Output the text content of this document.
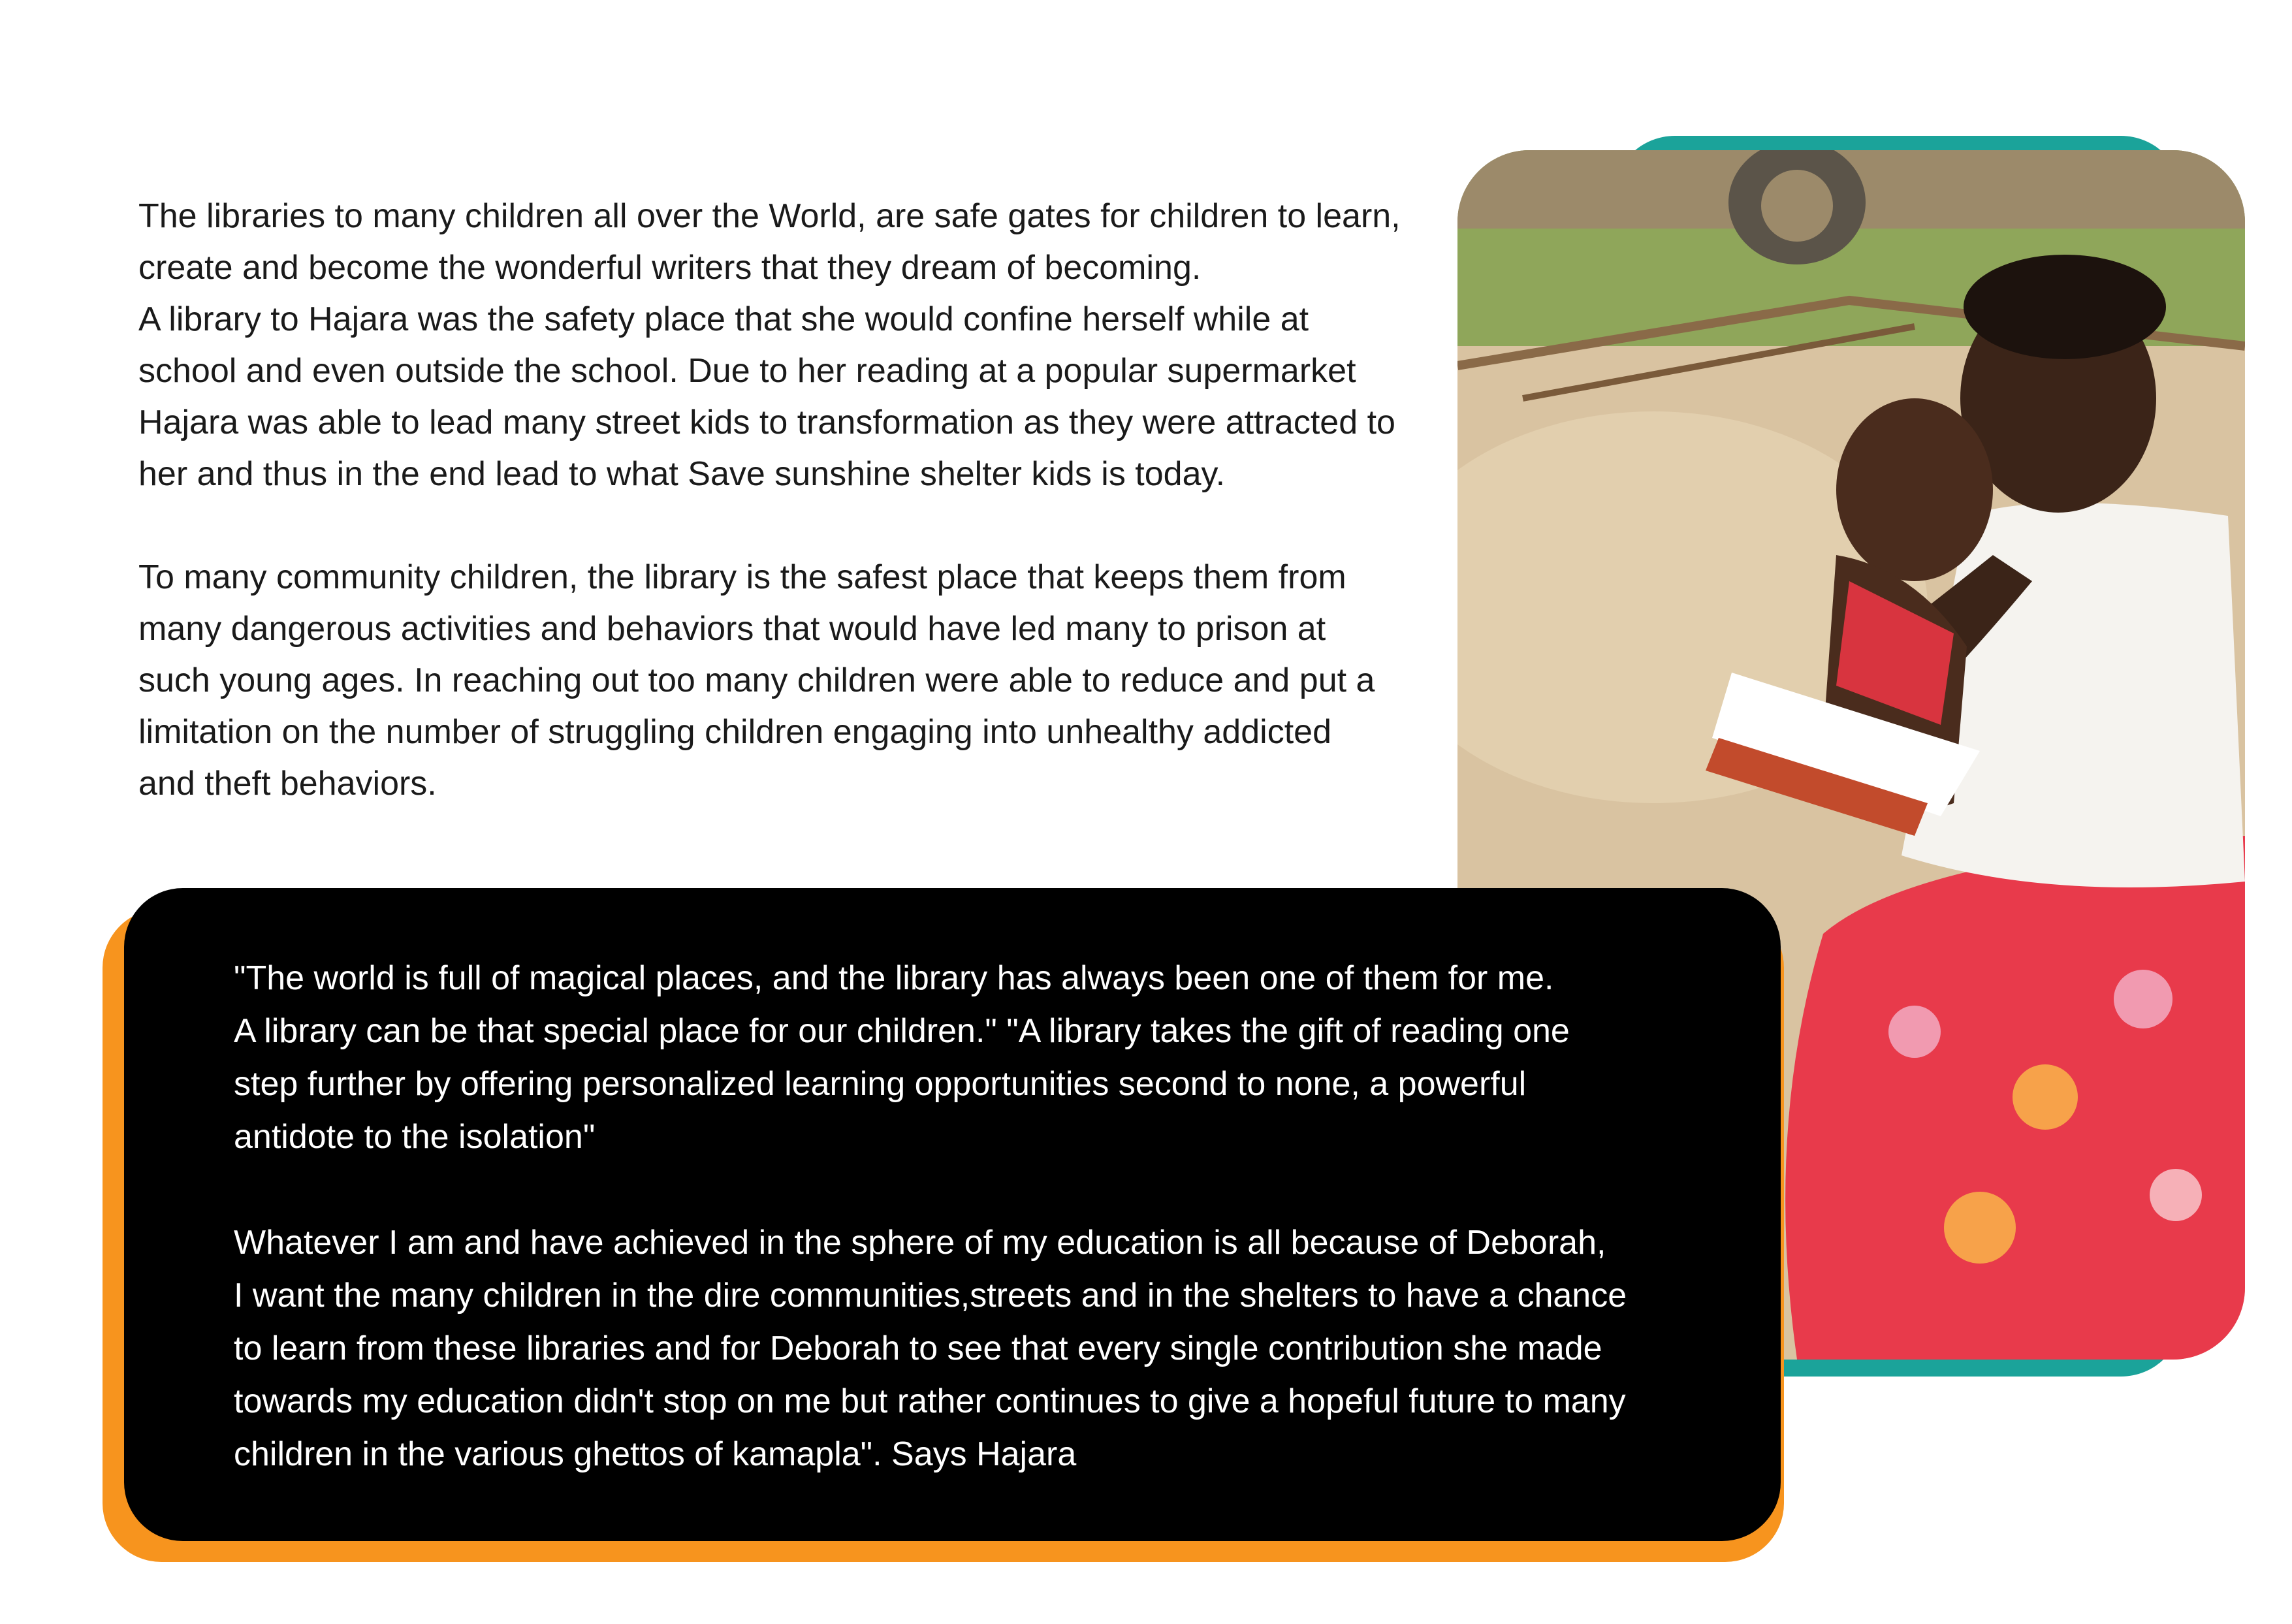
The libraries to many children all over the World, are safe gates for children to learn,
create and become the wonderful writers that they dream of becoming.
A library to Hajara was the safety place that she would confine herself while at
school and even outside the school. Due to her reading at a popular supermarket
Hajara was able to lead many street kids to transformation as they were attracted to
her and thus in the end lead to what Save sunshine shelter kids is today.

To many community children, the library is the safest place that keeps them from
many dangerous activities and behaviors that would have led many to prison at
such young ages. In reaching out too many children were able to reduce and put a
limitation on the number of struggling children engaging into unhealthy addicted
and theft behaviors.

"The world is full of magical places, and the library has always been one of them for me.
A library can be that special place for our children." "A library takes the gift of reading one
step further by offering personalized learning opportunities second to none, a powerful
antidote to the isolation"

Whatever I am and have achieved in the sphere of my education is all because of Deborah,
I want the many children in the dire communities,streets and in the shelters to have a chance
to learn from these libraries and for Deborah to see that every single contribution she made
towards my education didn't stop on me but rather continues to give a hopeful future to many
children in the various ghettos of kamapla". Says Hajara
